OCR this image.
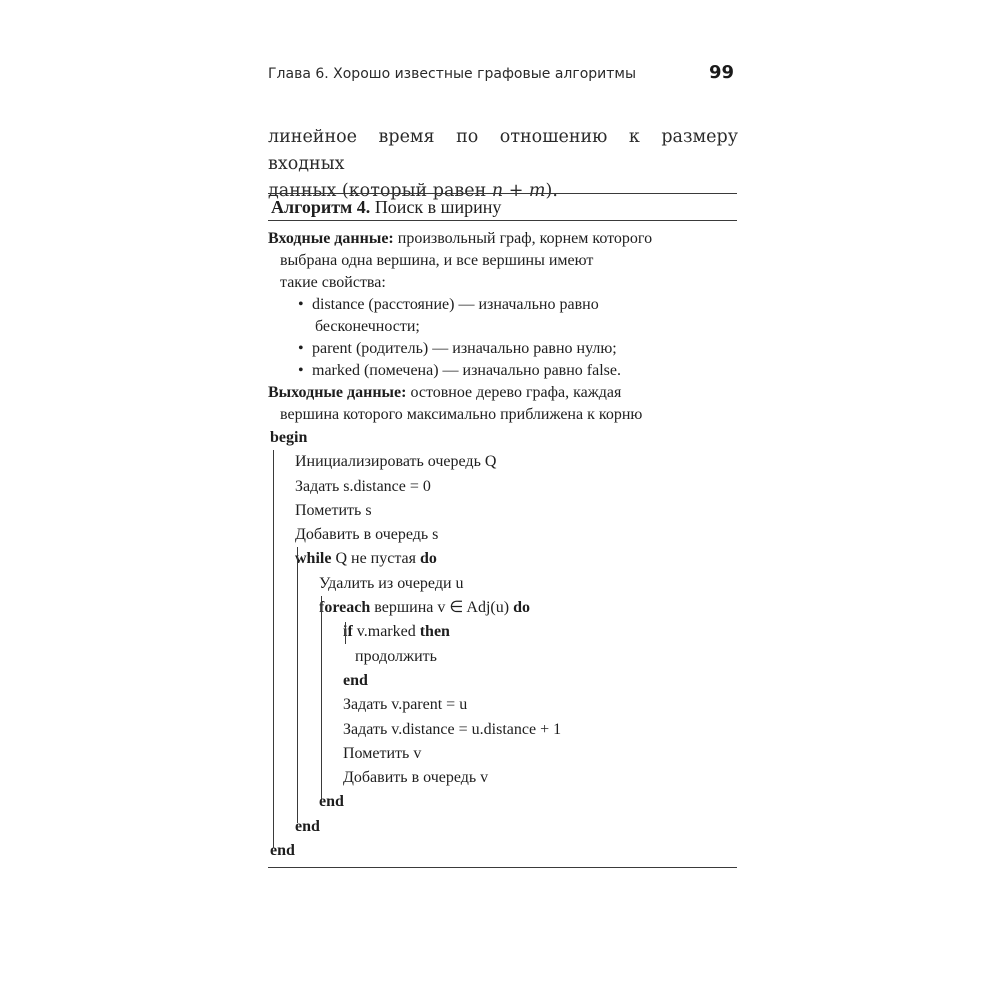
Глава 6. Хорошо известные графовые алгоритмы	99
линейное время по отношению к размеру входных
данных (который равен n + m).
Алгоритм 4. Поиск в ширину
Входные данные: произвольный граф, корнем которого
выбрана одна вершина, и все вершины имеют
такие свойства:
• distance (расстояние) — изначально равно
бесконечности;
• parent (родитель) — изначально равно нулю;
• marked (помечена) — изначально равно false.
Выходные данные: остовное дерево графа, каждая
вершина которого максимально приближена к корню
begin
Инициализировать очередь Q
Задать s.distance = 0
Пометить s
Добавить в очередь s
while Q не пустая do
Удалить из очереди u
foreach вершина v ∈ Adj(u) do
if v.marked then
продолжить
end
Задать v.parent = u
Задать v.distance = u.distance + 1
Пометить v
Добавить в очередь v
end
end
end
